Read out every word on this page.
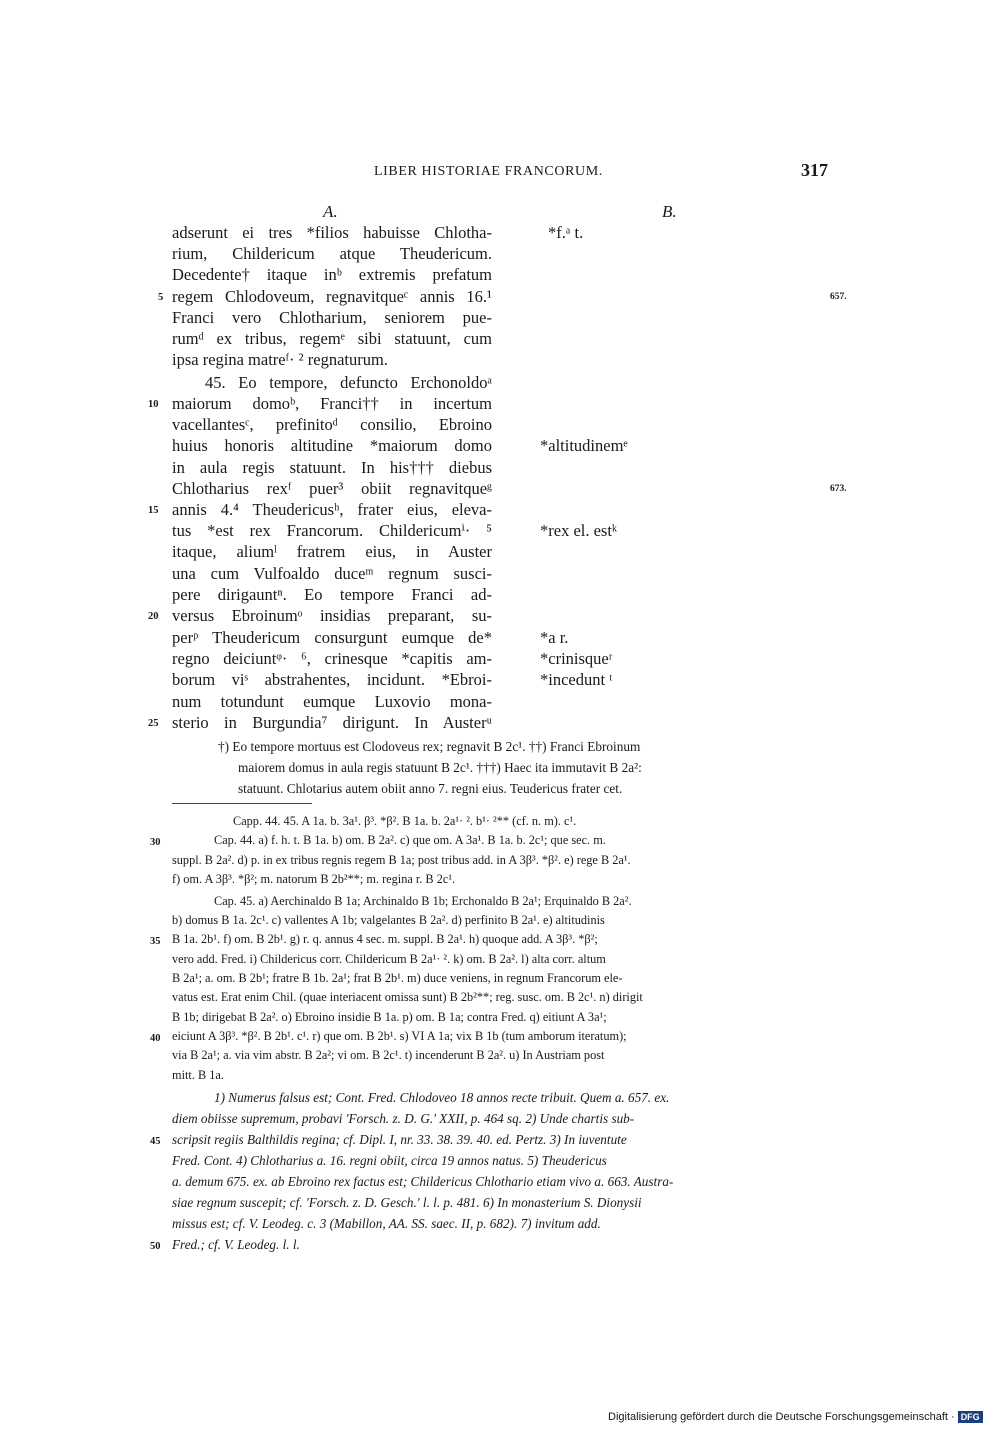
LIBER HISTORIAE FRANCORUM.	317
A.	B.
adserunt ei tres *filios habuisse Chlotha-
rium, Childericum atque Theudericum.
Decedente† itaque inᵇ extremis prefatum
5 regem Chlodoveum, regnavitqueᶜ annis 16.¹
Franci vero Chlotharium, seniorem pue-
rumᵈ ex tribus, regemᵉ sibi statuunt, cum
ipsa regina matreᶠ· ² regnaturum.
45. Eo tempore, defuncto Erchonoldoᵃ
10 maiorum domoᵇ, Franci†† in incertum
vacellantesᶜ, prefinitoᵈ consilio, Ebroino
huius honoris altitudine *maiorum domo
in aula regis statuunt. In his††† diebus
Chlotharius rexᶠ puer³ obiit regnavitqueᵍ
15 annis 4.⁴ Theudericusʰ, frater eius, eleva-
tus *est rex Francorum. Childericumⁱ· ⁵
itaque, aliumˡ fratrem eius, in Auster
una cum Vulfoaldo duceᵐ regnum susci-
pere dirigauntⁿ. Eo tempore Franci ad-
20 versus Ebroinumᵒ insidias preparant, su-
perᵖ Theudericum consurgunt eumque de*
regno deiciuntᵠ· ⁶, crinesque *capitis am-
borum viˢ abstrahentes, incidunt. *Ebroi-
num totundunt eumque Luxovio mona-
25 sterio in Burgundia⁷ dirigunt. In Austerᵘ
*f.ᵃ t.
*altitudinemᵉ
*rex el. estᵏ
*a r.
*crinisqueʳ
*incedunt ᵗ
657.
673.
†) Eo tempore mortuus est Clodoveus rex; regnavit B 2c¹. ††) Franci Ebroinum
maiorem domus in aula regis statuunt B 2c¹. †††) Haec ita immutavit B 2a²:
statuunt. Chlotarius autem obiit anno 7. regni eius. Teudericus frater cet.
Capp. 44. 45. A 1a. b. 3a¹. β³. *β². B 1a. b. 2a¹· ². b¹· ²** (cf. n. m). c¹.
30	Cap. 44. a) f. h. t. B 1a. b) om. B 2a². c) que om. A 3a¹. B 1a. b. 2c¹; que sec. m.
suppl. B 2a². d) p. in ex tribus regnis regem B 1a; post tribus add. in A 3β³. *β². e) rege B 2a¹.
f) om. A 3β³. *β²; m. natorum B 2b²**; m. regina r. B 2c¹.
Cap. 45. a) Aerchinaldo B 1a; Archinaldo B 1b; Erchonaldo B 2a¹; Erquinaldo B 2a².
b) domus B 1a. 2c¹. c) vallentes A 1b; valgelantes B 2a². d) perfinito B 2a¹. e) altitudinis
35 B 1a. 2b¹. f) om. B 2b¹. g) r. q. annus 4 sec. m. suppl. B 2a¹. h) quoque add. A 3β³. *β²;
vero add. Fred. i) Childericus corr. Childericum B 2a¹· ². k) om. B 2a². l) alta corr. altum
B 2a¹; a. om. B 2b¹; fratre B 1b. 2a¹; frat B 2b¹. m) duce veniens, in regnum Francorum ele-
vatus est. Erat enim Chil. (quae interiacent omissa sunt) B 2b²**; reg. susc. om. B 2c¹. n) dirigit
B 1b; dirigebat B 2a². o) Ebroino insidie B 1a. p) om. B 1a; contra Fred. q) eitiunt A 3a¹;
40 eiciunt A 3β³. *β². B 2b¹. c¹. r) que om. B 2b¹. s) VI A 1a; vix B 1b (tum amborum iteratum);
via B 2a¹; a. via vim abstr. B 2a²; vi om. B 2c¹. t) incenderunt B 2a². u) In Austriam post
mitt. B 1a.
1) Numerus falsus est; Cont. Fred. Chlodoveo 18 annos recte tribuit. Quem a. 657. ex.
diem obiisse supremum, probavi 'Forsch. z. D. G.' XXII, p. 464 sq. 2) Unde chartis sub-
45 scripsit regiis Balthildis regina; cf. Dipl. I, nr. 33. 38. 39. 40. ed. Pertz. 3) In iuventute
Fred. Cont. 4) Chlotharius a. 16. regni obiit, circa 19 annos natus. 5) Theudericus
a. demum 675. ex. ab Ebroino rex factus est; Childericus Chlothario etiam vivo a. 663. Austra-
siae regnum suscepit; cf. 'Forsch. z. D. Gesch.' l. l. p. 481. 6) In monasterium S. Dionysii
missus est; cf. V. Leodeg. c. 3 (Mabillon, AA. SS. saec. II, p. 682). 7) invitum add.
50 Fred.; cf. V. Leodeg. l. l.
Digitalisierung gefördert durch die Deutsche Forschungsgemeinschaft · DFG
